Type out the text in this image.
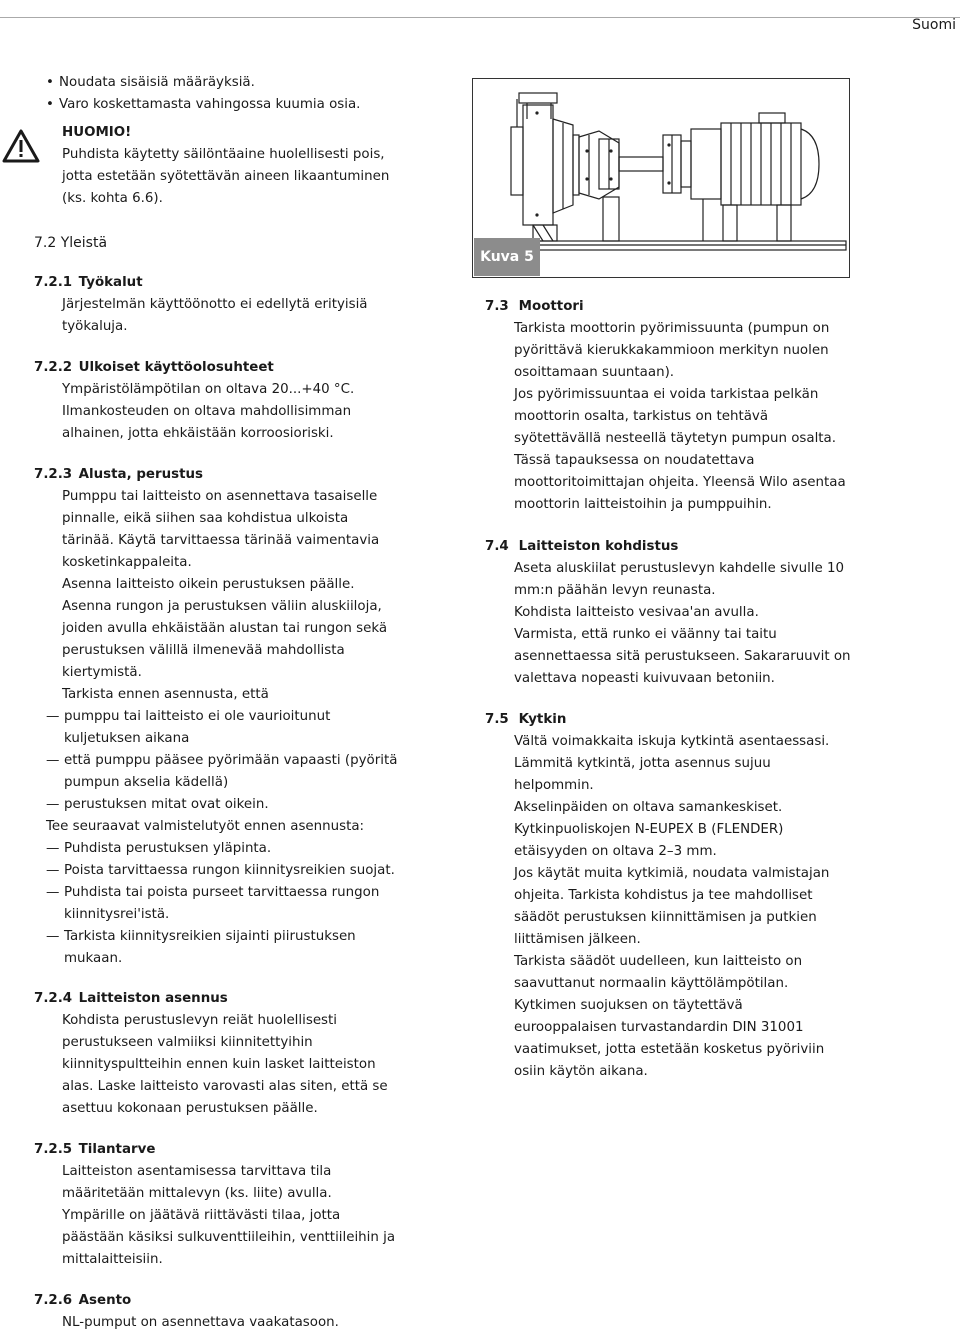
Suomi
• Noudata sisäisiä määräyksiä.
• Varo koskettamasta vahingossa kuumia osia.
HUOMIO!
Puhdista käytetty säilöntäaine huolellisesti pois,
jotta estetään syötettävän aineen likaantuminen
(ks. kohta 6.6).
7.2 Yleistä
7.2.1 Työkalut
Järjestelmän käyttöönotto ei edellytä erityisiä
työkaluja.
7.2.2 Ulkoiset käyttöolosuhteet
Ympäristölämpötilan on oltava 20...+40 °C.
Ilmankosteuden on oltava mahdollisimman
alhainen, jotta ehkäistään korroosioriski.
7.2.3 Alusta, perustus
Pumppu tai laitteisto on asennettava tasaiselle
pinnalle, eikä siihen saa kohdistua ulkoista
tärinää. Käytä tarvittaessa tärinää vaimentavia
kosketinkappaleita.
Asenna laitteisto oikein perustuksen päälle.
Asenna rungon ja perustuksen väliin aluskiiloja,
joiden avulla ehkäistään alustan tai rungon sekä
perustuksen välillä ilmenevää mahdollista
kiertymistä.
Tarkista ennen asennusta, että
— pumppu tai laitteisto ei ole vaurioitunut
kuljetuksen aikana
— että pumppu pääsee pyörimään vapaasti (pyöritä
pumpun akselia kädellä)
— perustuksen mitat ovat oikein.
Tee seuraavat valmistelutyöt ennen asennusta:
— Puhdista perustuksen yläpinta.
— Poista tarvittaessa rungon kiinnitysreikien suojat.
— Puhdista tai poista purseet tarvittaessa rungon
kiinnitysrei'istä.
— Tarkista kiinnitysreikien sijainti piirustuksen
mukaan.
7.2.4 Laitteiston asennus
Kohdista perustuslevyn reiät huolellisesti
perustukseen valmiiksi kiinnitettyihin
kiinnityspultteihin ennen kuin lasket laitteiston
alas. Laske laitteisto varovasti alas siten, että se
asettuu kokonaan perustuksen päälle.
7.2.5 Tilantarve
Laitteiston asentamisessa tarvittava tila
määritetään mittalevyn (ks. liite) avulla.
Ympärille on jäätävä riittävästi tilaa, jotta
päästään käsiksi sulkuventtiileihin, venttiileihin ja
mittalaitteisiin.
7.2.6 Asento
NL-pumput on asennettava vaakatasoon.
Kuva 5
7.3 Moottori
Tarkista moottorin pyörimissuunta (pumpun on
pyörittävä kierukkakammioon merkityn nuolen
osoittamaan suuntaan).
Jos pyörimissuuntaa ei voida tarkistaa pelkän
moottorin osalta, tarkistus on tehtävä
syötettävällä nesteellä täytetyn pumpun osalta.
Tässä tapauksessa on noudatettava
moottoritoimittajan ohjeita. Yleensä Wilo asentaa
moottorin laitteistoihin ja pumppuihin.
7.4 Laitteiston kohdistus
Aseta aluskiilat perustuslevyn kahdelle sivulle 10
mm:n päähän levyn reunasta.
Kohdista laitteisto vesivaa'an avulla.
Varmista, että runko ei väänny tai taitu
asennettaessa sitä perustukseen. Sakararuuvit on
valettava nopeasti kuivuvaan betoniin.
7.5 Kytkin
Vältä voimakkaita iskuja kytkintä asentaessasi.
Lämmitä kytkintä, jotta asennus sujuu
helpommin.
Akselinpäiden on oltava samankeskiset.
Kytkinpuoliskojen N-EUPEX B (FLENDER)
etäisyyden on oltava 2–3 mm.
Jos käytät muita kytkimiä, noudata valmistajan
ohjeita. Tarkista kohdistus ja tee mahdolliset
säädöt perustuksen kiinnittämisen ja putkien
liittämisen jälkeen.
Tarkista säädöt uudelleen, kun laitteisto on
saavuttanut normaalin käyttölämpötilan.
Kytkimen suojuksen on täytettävä
eurooppalaisen turvastandardin DIN 31001
vaatimukset, jotta estetään kosketus pyöriviin
osiin käytön aikana.
